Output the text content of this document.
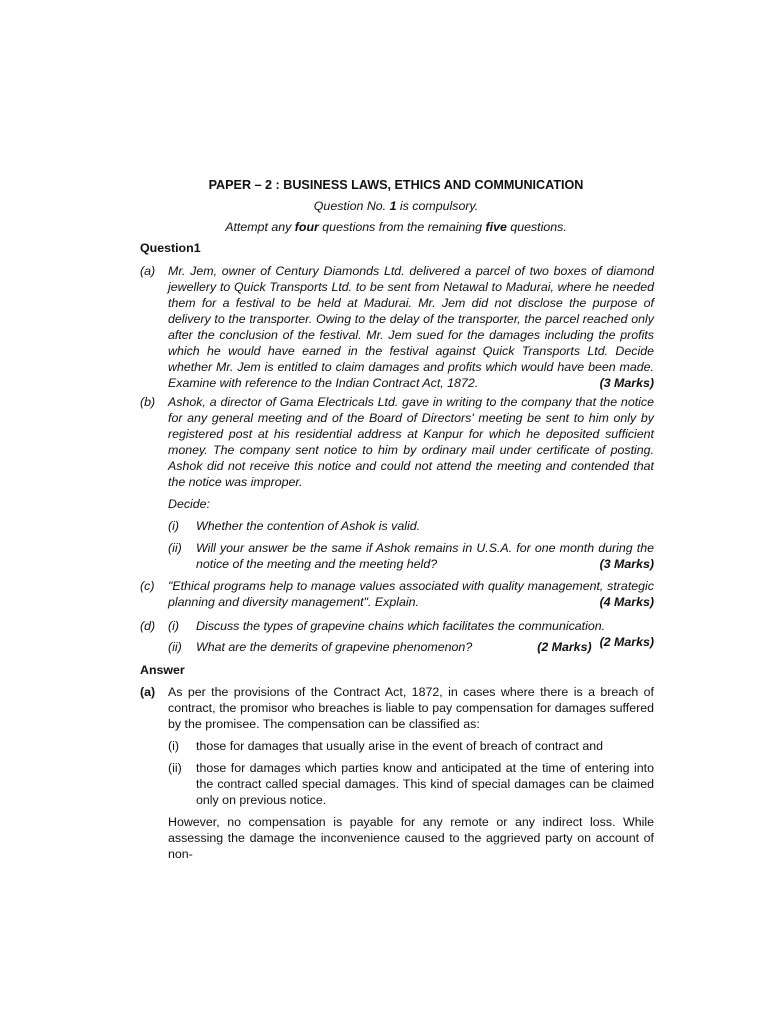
PAPER – 2 : BUSINESS LAWS, ETHICS AND COMMUNICATION
Question No. 1 is compulsory.
Attempt any four questions from the remaining five questions.
Question1
(a)	Mr. Jem, owner of Century Diamonds Ltd. delivered a parcel of two boxes of diamond jewellery to Quick Transports Ltd. to be sent from Netawal to Madurai, where he needed them for a festival to be held at Madurai. Mr. Jem did not disclose the purpose of delivery to the transporter. Owing to the delay of the transporter, the parcel reached only after the conclusion of the festival. Mr. Jem sued for the damages including the profits which he would have earned in the festival against Quick Transports Ltd. Decide whether Mr. Jem is entitled to claim damages and profits which would have been made. Examine with reference to the Indian Contract Act, 1872.	(3 Marks)
(b)	Ashok, a director of Gama Electricals Ltd. gave in writing to the company that the notice for any general meeting and of the Board of Directors' meeting be sent to him only by registered post at his residential address at Kanpur for which he deposited sufficient money. The company sent notice to him by ordinary mail under certificate of posting. Ashok did not receive this notice and could not attend the meeting and contended that the notice was improper.
Decide:
(i)	Whether the contention of Ashok is valid.
(ii)	Will your answer be the same if Ashok remains in U.S.A. for one month during the notice of the meeting and the meeting held?	(3 Marks)
(c)	"Ethical programs help to manage values associated with quality management, strategic planning and diversity management". Explain.	(4 Marks)
(d)	(i)	Discuss the types of grapevine chains which facilitates the communication.
(2 Marks)
(ii)	What are the demerits of grapevine phenomenon?	(2 Marks)
Answer
(a)	As per the provisions of the Contract Act, 1872, in cases where there is a breach of contract, the promisor who breaches is liable to pay compensation for damages suffered by the promisee. The compensation can be classified as:
(i)	those for damages that usually arise in the event of breach of contract and
(ii)	those for damages which parties know and anticipated at the time of entering into the contract called special damages. This kind of special damages can be claimed only on previous notice.
However, no compensation is payable for any remote or any indirect loss. While assessing the damage the inconvenience caused to the aggrieved party on account of non-
